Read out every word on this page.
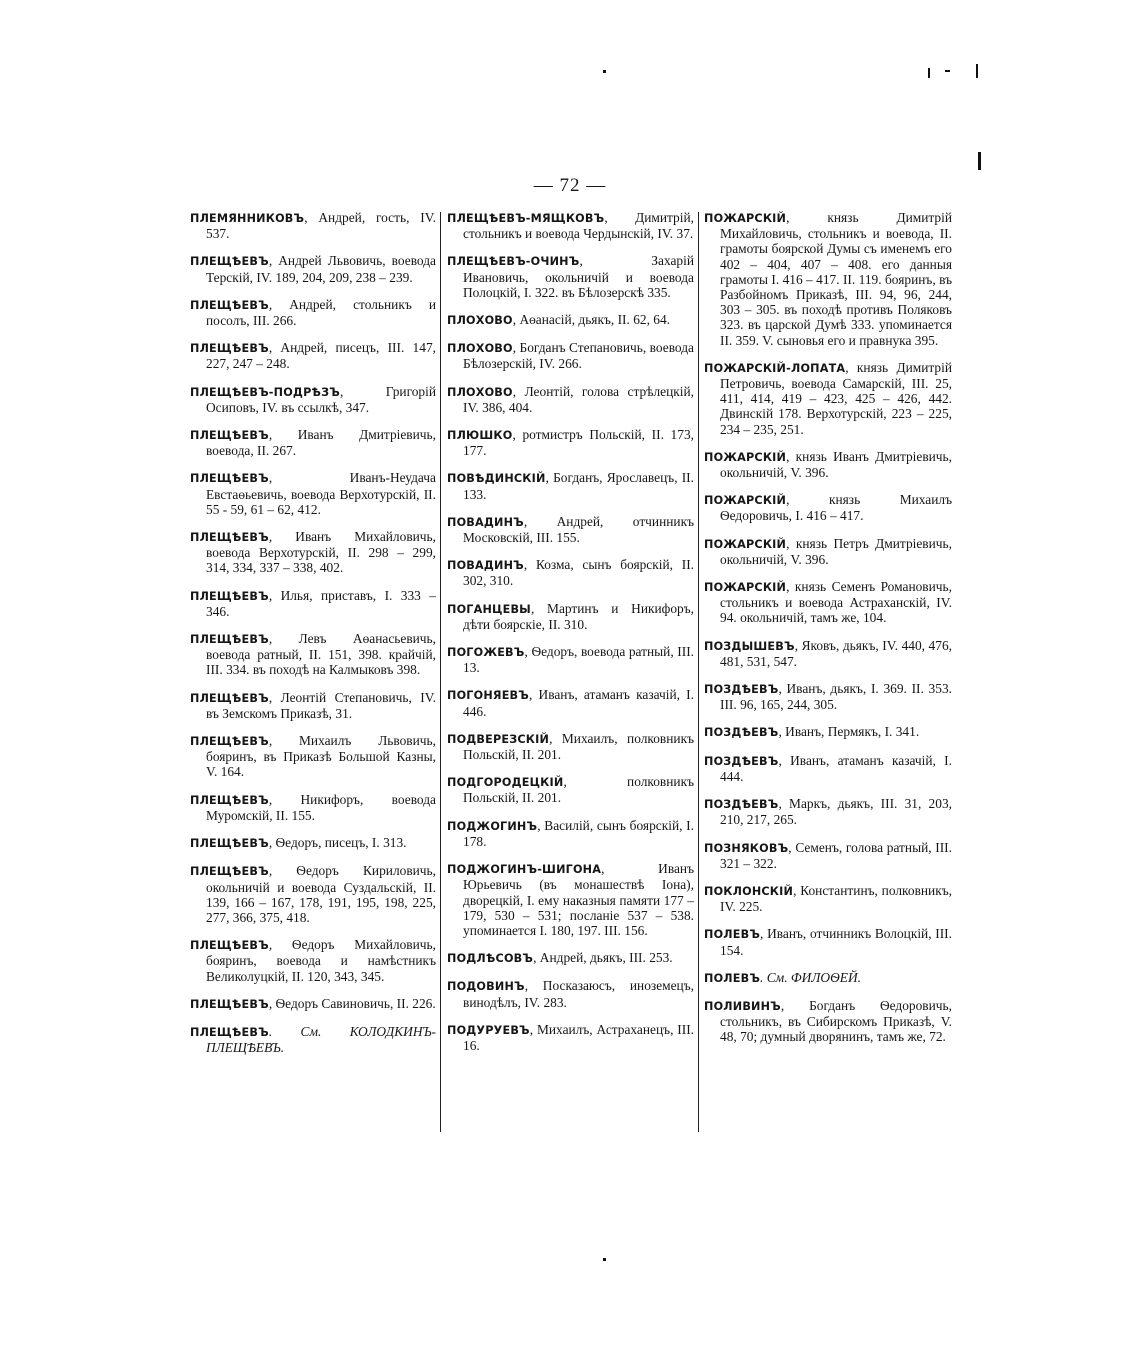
— 72 —

ПЛЕМЯННИКОВЪ, Андрей, гость, IV. 537.

ПЛЕЩѢЕВЪ, Андрей Львовичь, воевода Терскій, IV. 189, 204, 209, 238 – 239.

ПЛЕЩѢЕВЪ, Андрей, стольникъ и посолъ, III. 266.

ПЛЕЩѢЕВЪ, Андрей, писецъ, III. 147, 227, 247 – 248.

ПЛЕЩѢЕВЪ-ПОДРѢЗЪ, Григорій Осиповъ, IV. въ ссылкѣ, 347.

ПЛЕЩѢЕВЪ, Иванъ Дмитріевичь, воевода, II. 267.

ПЛЕЩѢЕВЪ, Иванъ-Неудача Евстаѳьевичь, воевода Верхотурскій, II. 55 - 59, 61 – 62, 412.

ПЛЕЩѢЕВЪ, Иванъ Михайловичь, воевода Верхотурскій, II. 298 – 299, 314, 334, 337 – 338, 402.

ПЛЕЩѢЕВЪ, Илья, приставъ, I. 333 – 346.

ПЛЕЩѢЕВЪ, Левъ Аѳанасьевичь, воевода ратный, II. 151, 398. крайчій, III. 334. въ походѣ на Калмыковъ 398.

ПЛЕЩѢЕВЪ, Леонтій Степановичь, IV. въ Земскомъ Приказѣ, 31.

ПЛЕЩѢЕВЪ, Михаилъ Львовичь, бояринъ, въ Приказѣ Большой Казны, V. 164.

ПЛЕЩѢЕВЪ, Никифоръ, воевода Муромскій, II. 155.

ПЛЕЩѢЕВЪ, Ѳедоръ, писецъ, I. 313.

ПЛЕЩѢЕВЪ, Ѳедоръ Кириловичь, окольничій и воевода Суздальскій, II. 139, 166 – 167, 178, 191, 195, 198, 225, 277, 366, 375, 418.

ПЛЕЩѢЕВЪ, Ѳедоръ Михайловичь, бояринъ, воевода и намѣстникъ Великолуцкій, II. 120, 343, 345.

ПЛЕЩѢЕВЪ, Ѳедоръ Савиновичь, II. 226.

ПЛЕЩѢЕВЪ. См. КОЛОДКИНЪ-ПЛЕЩѢЕВЪ.

ПЛЕЩѢЕВЪ-МЯЩКОВЪ, Димитрій, стольникъ и воевода Чердынскій, IV. 37.

ПЛЕЩѢЕВЪ-ОЧИНЪ, Захарій Ивановичь, окольничій и воевода Полоцкій, I. 322. въ Бѣлозерскѣ 335.

ПЛОХОВО, Аѳанасій, дьякъ, II. 62, 64.

ПЛОХОВО, Богданъ Степановичь, воевода Бѣлозерскій, IV. 266.

ПЛОХОВО, Леонтій, голова стрѣлецкій, IV. 386, 404.

ПЛЮШКО, ротмистръ Польскій, II. 173, 177.

ПОВѢДИНСКІЙ, Богданъ, Ярославецъ, II. 133.

ПОВАДИНЪ, Андрей, отчинникъ Московскій, III. 155.

ПОВАДИНЪ, Козма, сынъ боярскій, II. 302, 310.

ПОГАНЦЕВЫ, Мартинъ и Никифоръ, дѣти боярскіе, II. 310.

ПОГОЖЕВЪ, Ѳедоръ, воевода ратный, III. 13.

ПОГОНЯЕВЪ, Иванъ, атаманъ казачій, I. 446.

ПОДВЕРЕЗСКІЙ, Михаилъ, полковникъ Польскій, II. 201.

ПОДГОРОДЕЦКІЙ, полковникъ Польскій, II. 201.

ПОДЖОГИНЪ, Василій, сынъ боярскій, I. 178.

ПОДЖОГИНЪ-ШИГОНА, Иванъ Юрьевичь (въ монашествѣ Іона), дворецкій, I. ему наказныя памяти 177 – 179, 530 – 531; посланіе 537 – 538. упоминается I. 180, 197. III. 156.

ПОДЛѢСОВЪ, Андрей, дьякъ, III. 253.

ПОДОВИНЪ, Посказаюсъ, иноземецъ, винодѣлъ, IV. 283.

ПОДУРУЕВЪ, Михаилъ, Астраханецъ, III. 16.

ПОЖАРСКІЙ, князь Димитрій Михайловичь, стольникъ и воевода, II. грамоты боярской Думы съ именемъ его 402 – 404, 407 – 408. его данныя грамоты I. 416 – 417. II. 119. бояринъ, въ Разбойномъ Приказѣ, III. 94, 96, 244, 303 – 305. въ походѣ противъ Поляковъ 323. въ царской Думѣ 333. упоминается II. 359. V. сыновья его и правнука 395.

ПОЖАРСКІЙ-ЛОПАТА, князь Димитрій Петровичь, воевода Самарскій, III. 25, 411, 414, 419 – 423, 425 – 426, 442. Двинскій 178. Верхотурскій, 223 – 225, 234 – 235, 251.

ПОЖАРСКІЙ, князь Иванъ Дмитріевичь, окольничій, V. 396.

ПОЖАРСКІЙ, князь Михаилъ Ѳедоровичь, I. 416 – 417.

ПОЖАРСКІЙ, князь Петръ Дмитріевичь, окольничій, V. 396.

ПОЖАРСКІЙ, князь Семенъ Романовичь, стольникъ и воевода Астраханскій, IV. 94. окольничій, тамъ же, 104.

ПОЗДЫШЕВЪ, Яковъ, дьякъ, IV. 440, 476, 481, 531, 547.

ПОЗДѢЕВЪ, Иванъ, дьякъ, I. 369. II. 353. III. 96, 165, 244, 305.

ПОЗДѢЕВЪ, Иванъ, Пермякъ, I. 341.

ПОЗДѢЕВЪ, Иванъ, атаманъ казачій, I. 444.

ПОЗДѢЕВЪ, Маркъ, дьякъ, III. 31, 203, 210, 217, 265.

ПОЗНЯКОВЪ, Семенъ, голова ратный, III. 321 – 322.

ПОКЛОНСКІЙ, Константинъ, полковникъ, IV. 225.

ПОЛЕВЪ, Иванъ, отчинникъ Волоцкій, III. 154.

ПОЛЕВЪ. См. ФИЛОѲЕЙ.

ПОЛИВИНЪ, Богданъ Ѳедоровичь, стольникъ, въ Сибирскомъ Приказѣ, V. 48, 70; думный дворянинъ, тамъ же, 72.
